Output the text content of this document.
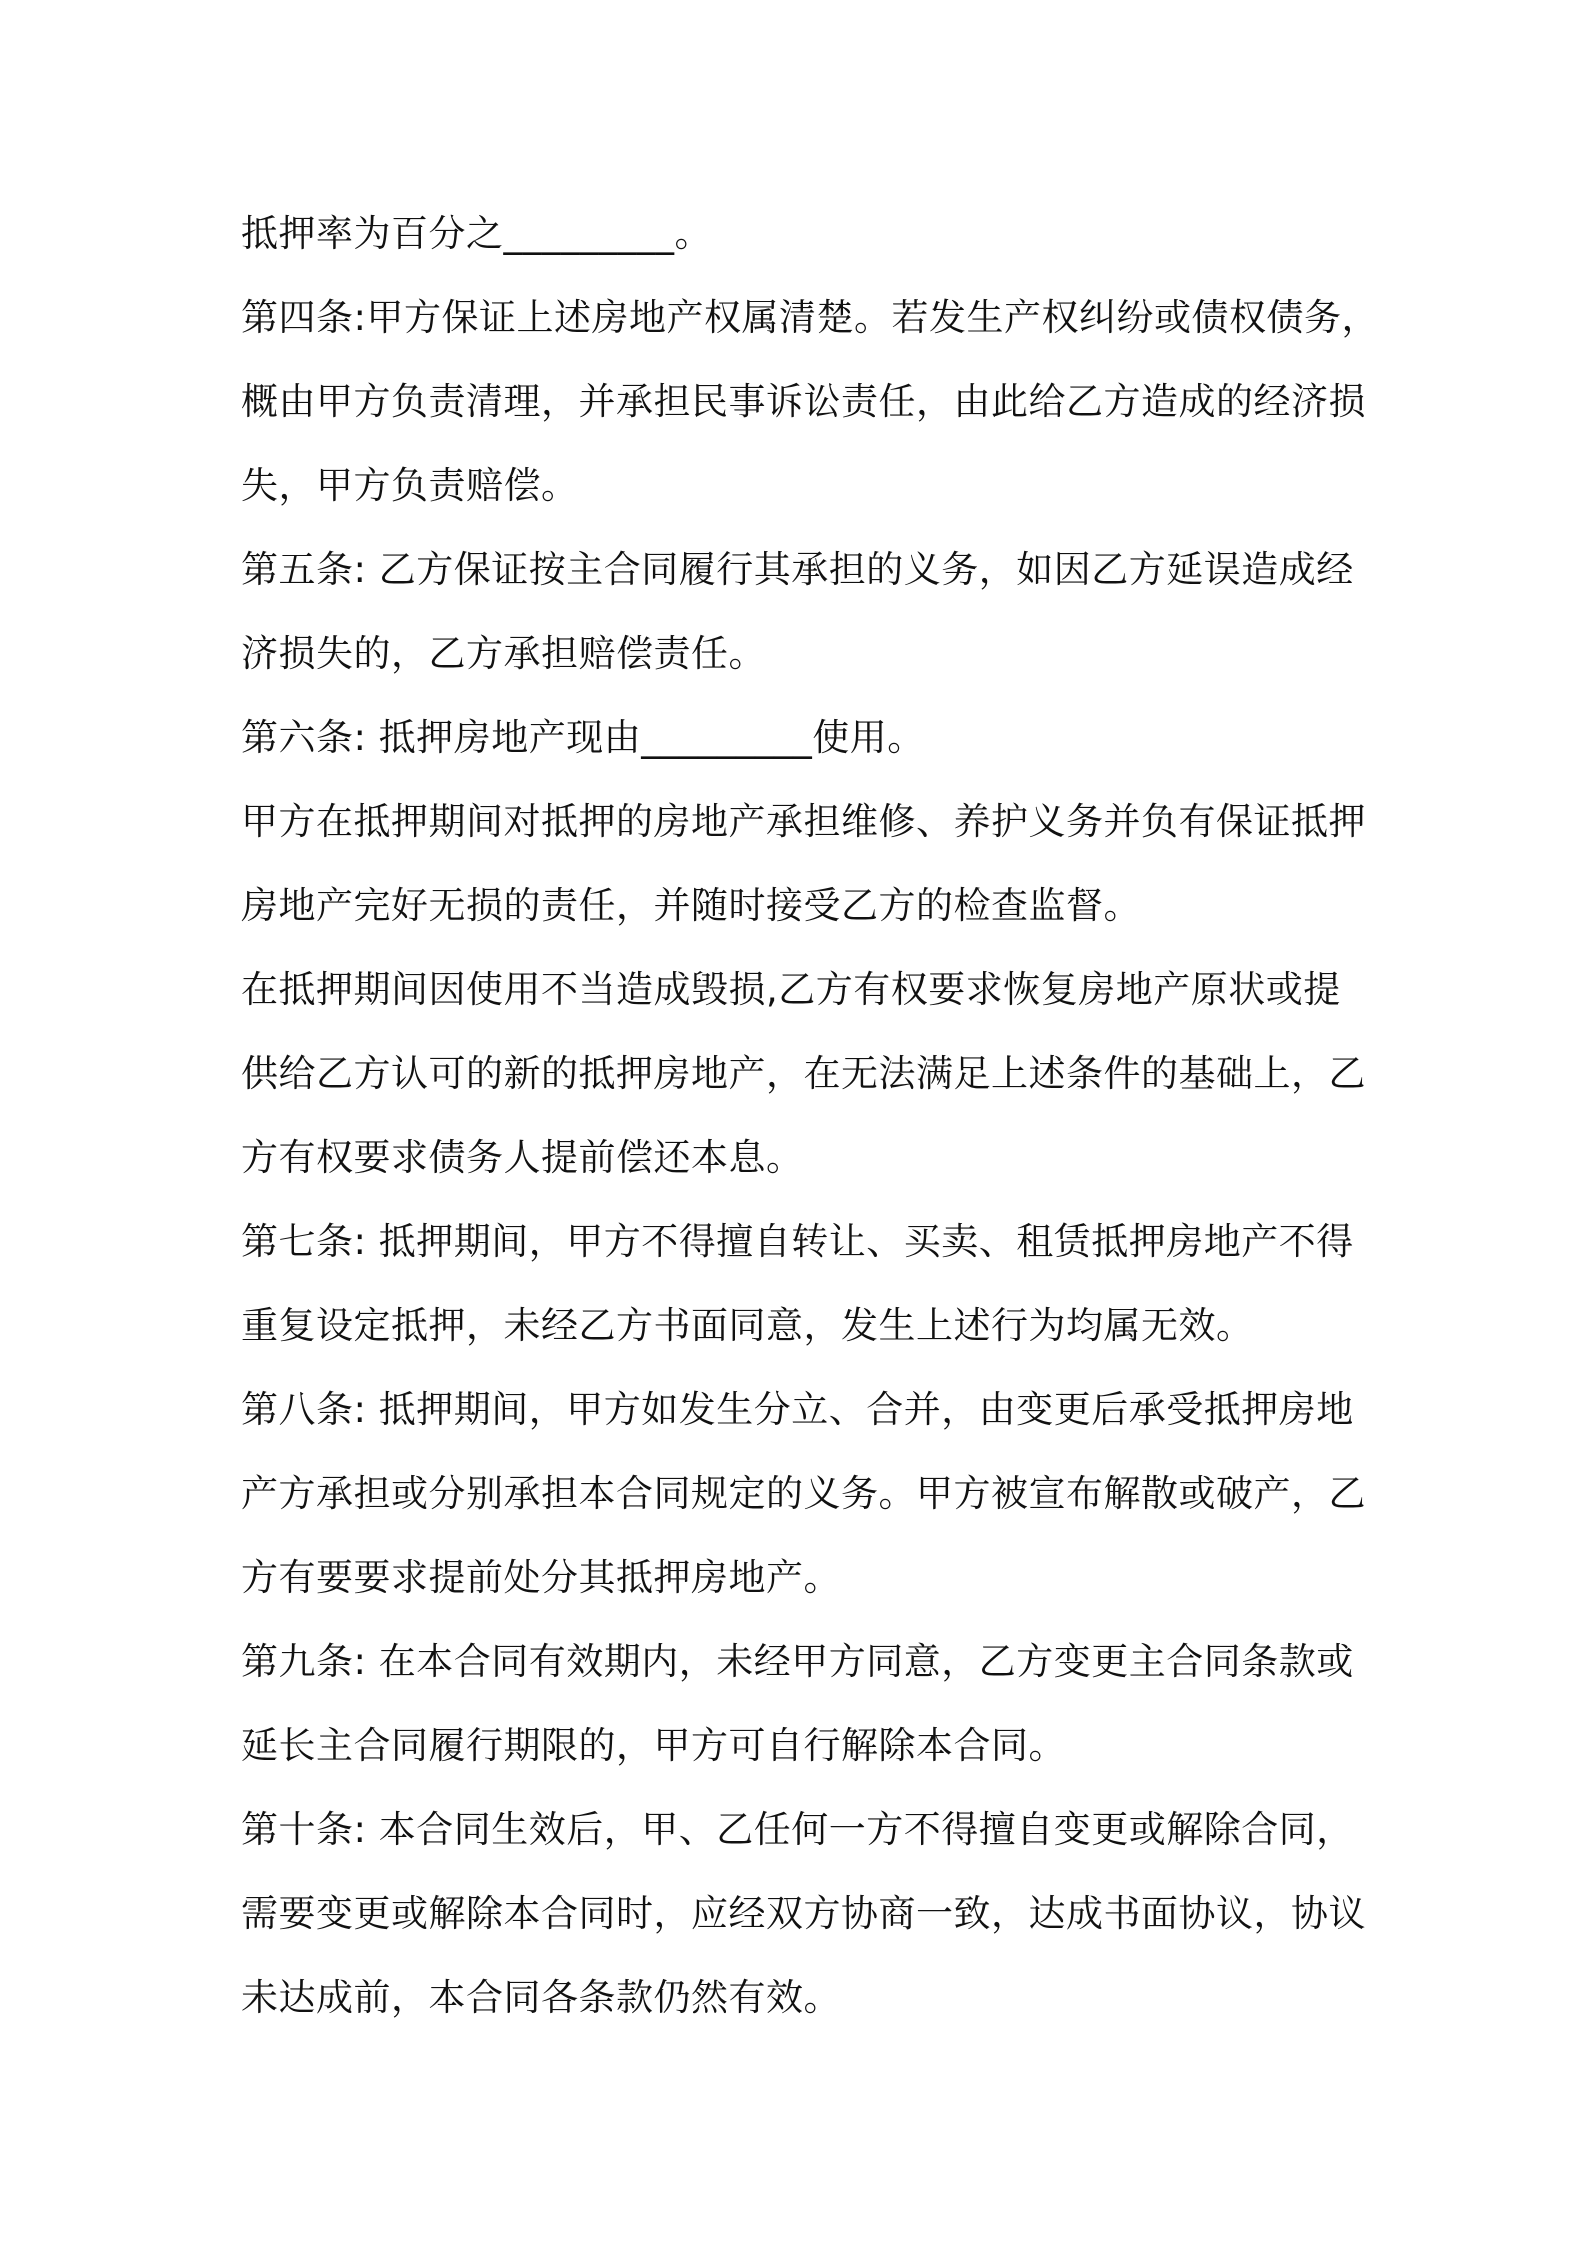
抵押率为百分之_________。
第四条:甲方保证上述房地产权属清楚。若发生产权纠纷或债权债务，
概由甲方负责清理，并承担民事诉讼责任，由此给乙方造成的经济损
失，甲方负责赔偿。
第五条: 乙方保证按主合同履行其承担的义务，如因乙方延误造成经
济损失的，乙方承担赔偿责任。
第六条: 抵押房地产现由_________使用。
甲方在抵押期间对抵押的房地产承担维修、养护义务并负有保证抵押
房地产完好无损的责任，并随时接受乙方的检查监督。
在抵押期间因使用不当造成毁损,乙方有权要求恢复房地产原状或提
供给乙方认可的新的抵押房地产，在无法满足上述条件的基础上，乙
方有权要求债务人提前偿还本息。
第七条: 抵押期间，甲方不得擅自转让、买卖、租赁抵押房地产不得
重复设定抵押，未经乙方书面同意，发生上述行为均属无效。
第八条: 抵押期间，甲方如发生分立、合并，由变更后承受抵押房地
产方承担或分别承担本合同规定的义务。甲方被宣布解散或破产，乙
方有要要求提前处分其抵押房地产。
第九条: 在本合同有效期内，未经甲方同意，乙方变更主合同条款或
延长主合同履行期限的，甲方可自行解除本合同。
第十条: 本合同生效后，甲、乙任何一方不得擅自变更或解除合同，
需要变更或解除本合同时，应经双方协商一致，达成书面协议，协议
未达成前，本合同各条款仍然有效。
